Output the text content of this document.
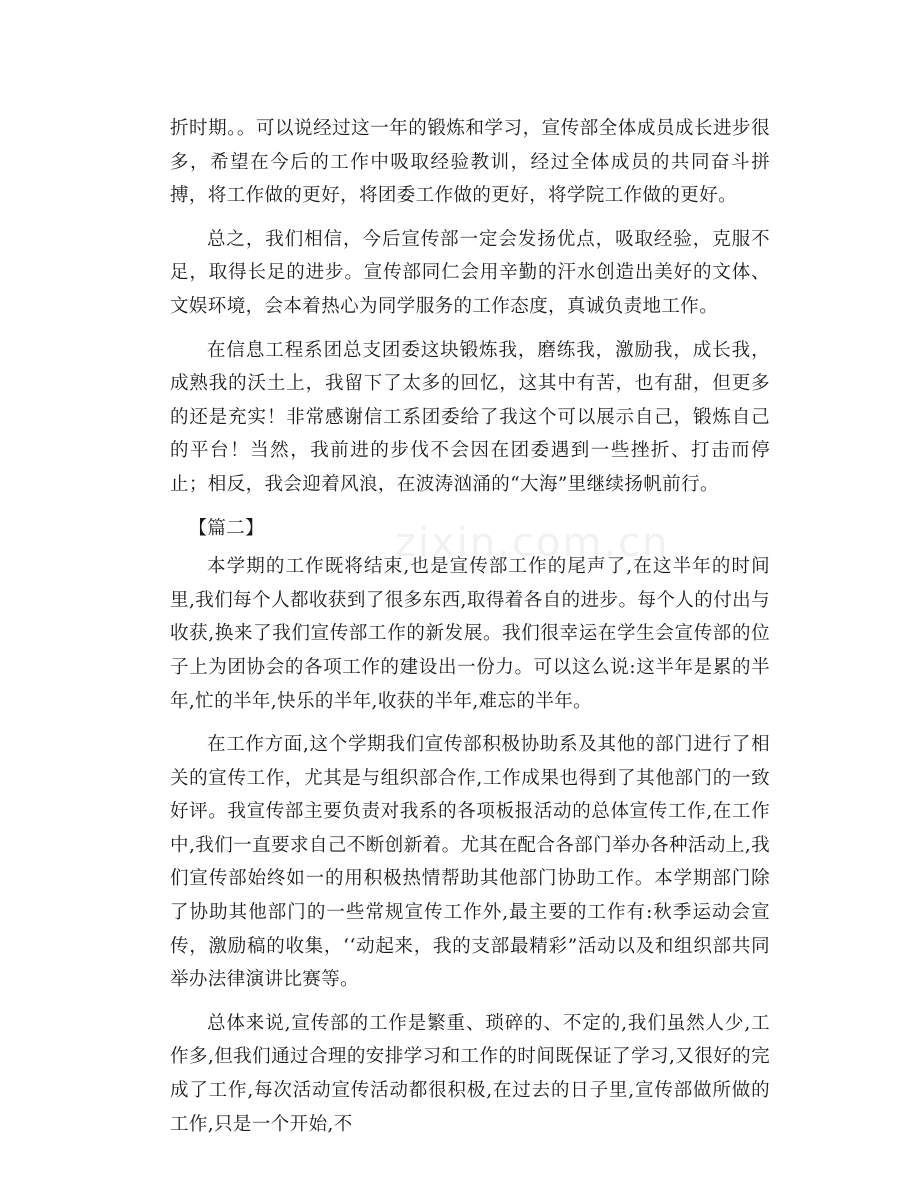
折时期。。可以说经过这一年的锻炼和学习，宣传部全体成员成长进步很多，希望在今后的工作中吸取经验教训，经过全体成员的共同奋斗拼搏，将工作做的更好，将团委工作做的更好，将学院工作做的更好。

总之，我们相信，今后宣传部一定会发扬优点，吸取经验，克服不足，取得长足的进步。宣传部同仁会用辛勤的汗水创造出美好的文体、文娱环境，会本着热心为同学服务的工作态度，真诚负责地工作。

在信息工程系团总支团委这块锻炼我，磨练我，激励我，成长我，成熟我的沃土上，我留下了太多的回忆，这其中有苦，也有甜，但更多的还是充实！非常感谢信工系团委给了我这个可以展示自己，锻炼自己的平台！当然，我前进的步伐不会因在团委遇到一些挫折、打击而停止；相反，我会迎着风浪，在波涛汹涌的“大海”里继续扬帆前行。

【篇二】

本学期的工作既将结束,也是宣传部工作的尾声了,在这半年的时间里,我们每个人都收获到了很多东西,取得着各自的进步。每个人的付出与收获,换来了我们宣传部工作的新发展。我们很幸运在学生会宣传部的位子上为团协会的各项工作的建设出一份力。可以这么说:这半年是累的半年,忙的半年,快乐的半年,收获的半年,难忘的半年。

在工作方面,这个学期我们宣传部积极协助系及其他的部门进行了相关的宣传工作，尤其是与组织部合作,工作成果也得到了其他部门的一致好评。我宣传部主要负责对我系的各项板报活动的总体宣传工作,在工作中,我们一直要求自己不断创新着。尤其在配合各部门举办各种活动上,我们宣传部始终如一的用积极热情帮助其他部门协助工作。本学期部门除了协助其他部门的一些常规宣传工作外,最主要的工作有:秋季运动会宣传，激励稿的收集，‘‘动起来，我的支部最精彩”活动以及和组织部共同举办法律演讲比赛等。

总体来说,宣传部的工作是繁重、琐碎的、不定的,我们虽然人少,工作多,但我们通过合理的安排学习和工作的时间既保证了学习,又很好的完成了工作,每次活动宣传活动都很积极,在过去的日子里,宣传部做所做的工作,只是一个开始,不

zixin.com.cn
